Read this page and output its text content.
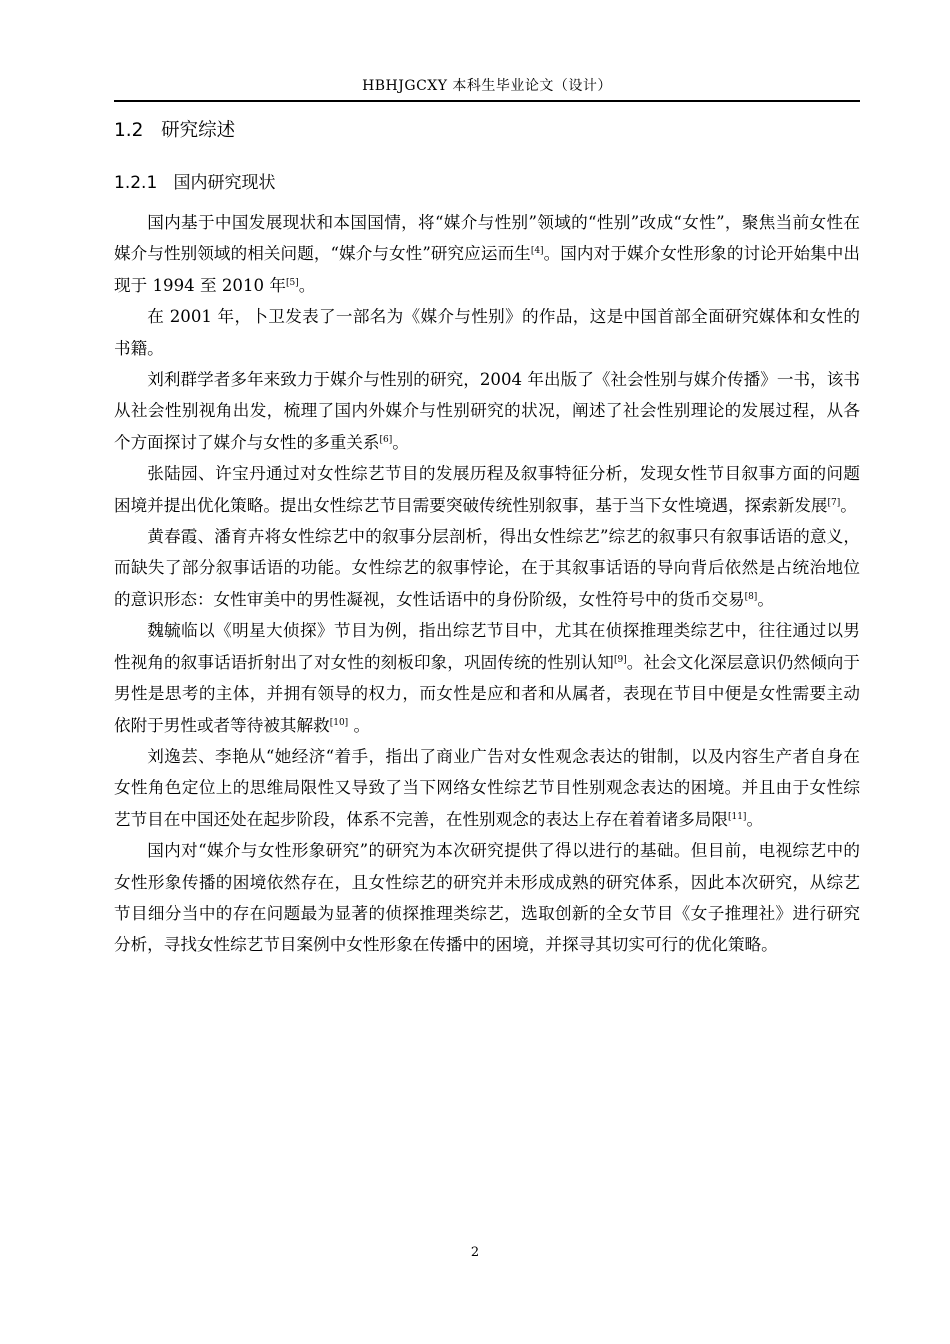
HBHJGCXY 本科生毕业论文（设计）
1.2 研究综述
1.2.1 国内研究现状

国内基于中国发展现状和本国国情，将“媒介与性别”领域的“性别”改成“女性”，聚焦当前女性在媒介与性别领域的相关问题，“媒介与女性”研究应运而生[4]。国内对于媒介女性形象的讨论开始集中出现于 1994 至 2010 年[5]。

在 2001 年，卜卫发表了一部名为《媒介与性别》的作品，这是中国首部全面研究媒体和女性的书籍。

刘利群学者多年来致力于媒介与性别的研究，2004 年出版了《社会性别与媒介传播》一书，该书从社会性别视角出发，梳理了国内外媒介与性别研究的状况，阐述了社会性别理论的发展过程，从各个方面探讨了媒介与女性的多重关系[6]。

张陆园、许宝丹通过对女性综艺节目的发展历程及叙事特征分析，发现女性节目叙事方面的问题困境并提出优化策略。提出女性综艺节目需要突破传统性别叙事，基于当下女性境遇，探索新发展[7]。

黄春霞、潘育卉将女性综艺中的叙事分层剖析，得出女性综艺”综艺的叙事只有叙事话语的意义，而缺失了部分叙事话语的功能。女性综艺的叙事悖论，在于其叙事话语的导向背后依然是占统治地位的意识形态：女性审美中的男性凝视，女性话语中的身份阶级，女性符号中的货币交易[8]。

魏毓临以《明星大侦探》节目为例，指出综艺节目中，尤其在侦探推理类综艺中，往往通过以男性视角的叙事话语折射出了对女性的刻板印象，巩固传统的性别认知[9]。社会文化深层意识仍然倾向于男性是思考的主体，并拥有领导的权力，而女性是应和者和从属者，表现在节目中便是女性需要主动依附于男性或者等待被其解救[10] 。

刘逸芸、李艳从“她经济“着手，指出了商业广告对女性观念表达的钳制，以及内容生产者自身在女性角色定位上的思维局限性又导致了当下网络女性综艺节目性别观念表达的困境。并且由于女性综艺节目在中国还处在起步阶段，体系不完善，在性别观念的表达上存在着着诸多局限[11]。

国内对“媒介与女性形象研究”的研究为本次研究提供了得以进行的基础。但目前，电视综艺中的女性形象传播的困境依然存在，且女性综艺的研究并未形成成熟的研究体系，因此本次研究，从综艺节目细分当中的存在问题最为显著的侦探推理类综艺，选取创新的全女节目《女子推理社》进行研究分析，寻找女性综艺节目案例中女性形象在传播中的困境，并探寻其切实可行的优化策略。

2
